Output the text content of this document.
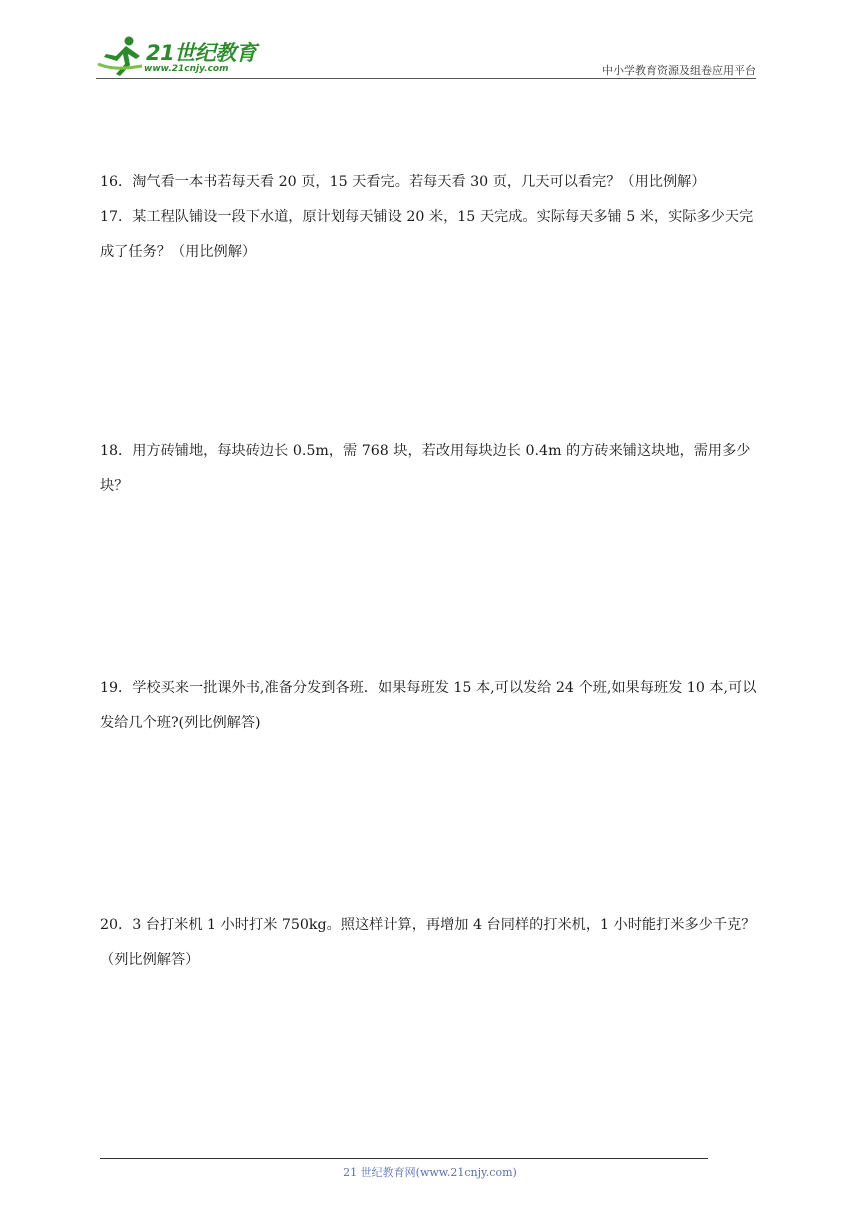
21世纪教育
www.21cnjy.com	中小学教育资源及组卷应用平台
16．淘气看一本书若每天看 20 页，15 天看完。若每天看 30 页，几天可以看完？（用比例解）
17．某工程队铺设一段下水道，原计划每天铺设 20 米，15 天完成。实际每天多铺 5 米，实际多少天完成了任务？（用比例解）
18．用方砖铺地，每块砖边长 0.5m，需 768 块，若改用每块边长 0.4m 的方砖来铺这块地，需用多少块？
19．学校买来一批课外书,准备分发到各班．如果每班发 15 本,可以发给 24 个班,如果每班发 10 本,可以发给几个班?(列比例解答)
20．3 台打米机 1 小时打米 750kg。照这样计算，再增加 4 台同样的打米机，1 小时能打米多少千克？（列比例解答）
21 世纪教育网(www.21cnjy.com)
